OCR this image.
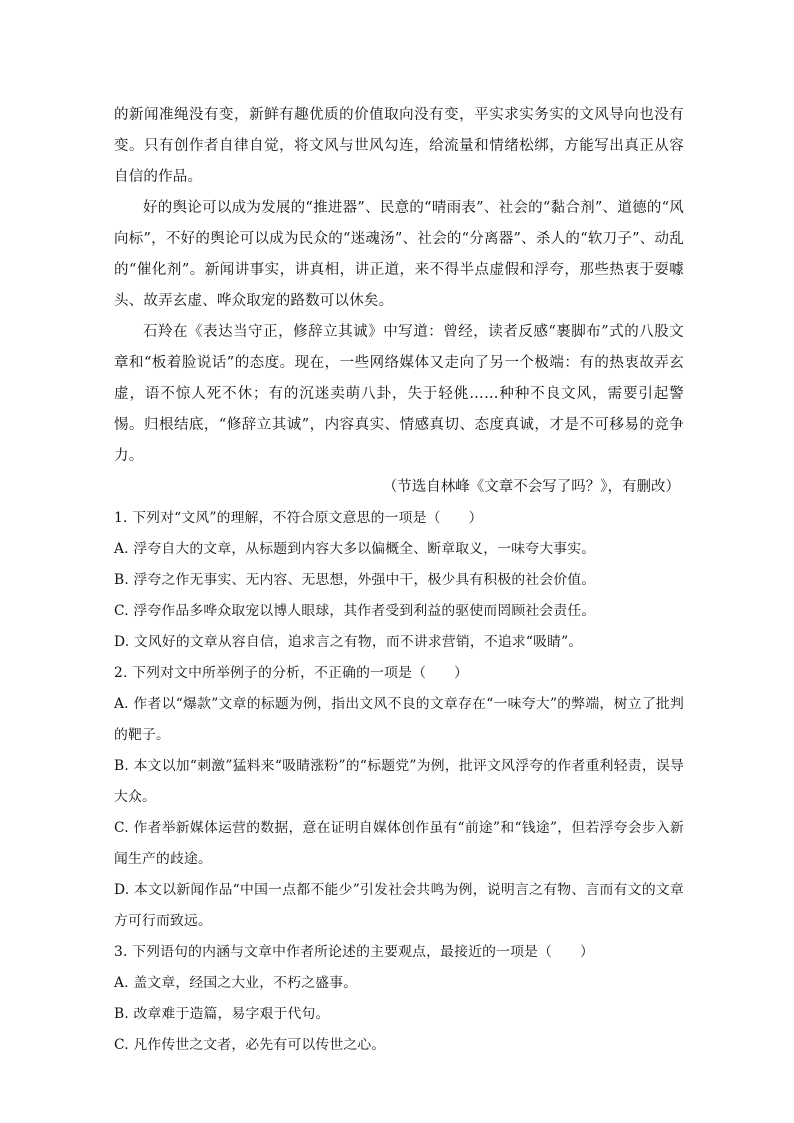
的新闻准绳没有变，新鲜有趣优质的价值取向没有变，平实求实务实的文风导向也没有变。只有创作者自律自觉，将文风与世风勾连，给流量和情绪松绑，方能写出真正从容自信的作品。

好的舆论可以成为发展的“推进器”、民意的“晴雨表”、社会的“黏合剂”、道德的“风向标”，不好的舆论可以成为民众的“迷魂汤”、社会的“分离器”、杀人的“软刀子”、动乱的“催化剂”。新闻讲事实，讲真相，讲正道，来不得半点虚假和浮夸，那些热衷于耍噱头、故弄玄虚、哗众取宠的路数可以休矣。

石羚在《表达当守正，修辞立其诚》中写道：曾经，读者反感“裹脚布”式的八股文章和“板着脸说话”的态度。现在，一些网络媒体又走向了另一个极端：有的热衷故弄玄虚，语不惊人死不休；有的沉迷卖萌八卦，失于轻佻……种种不良文风，需要引起警惕。归根结底，“修辞立其诚”，内容真实、情感真切、态度真诚，才是不可移易的竞争力。

（节选自林峰《文章不会写了吗？》，有删改）

1. 下列对“文风”的理解，不符合原文意思的一项是（　　）

A. 浮夸自大的文章，从标题到内容大多以偏概全、断章取义，一味夸大事实。

B. 浮夸之作无事实、无内容、无思想，外强中干，极少具有积极的社会价值。

C. 浮夸作品多哗众取宠以博人眼球，其作者受到利益的驱使而罔顾社会责任。

D. 文风好的文章从容自信，追求言之有物，而不讲求营销，不追求“吸睛”。

2. 下列对文中所举例子的分析，不正确的一项是（　　）

A. 作者以“爆款”文章的标题为例，指出文风不良的文章存在“一味夸大”的弊端，树立了批判的靶子。

B. 本文以加“刺激”猛料来“吸睛涨粉”的“标题党”为例，批评文风浮夸的作者重利轻责，误导大众。

C. 作者举新媒体运营的数据，意在证明自媒体创作虽有“前途”和“钱途”，但若浮夸会步入新闻生产的歧途。

D. 本文以新闻作品“中国一点都不能少”引发社会共鸣为例，说明言之有物、言而有文的文章方可行而致远。

3. 下列语句的内涵与文章中作者所论述的主要观点，最接近的一项是（　　）

A. 盖文章，经国之大业，不朽之盛事。

B. 改章难于造篇，易字艰于代句。

C. 凡作传世之文者，必先有可以传世之心。
